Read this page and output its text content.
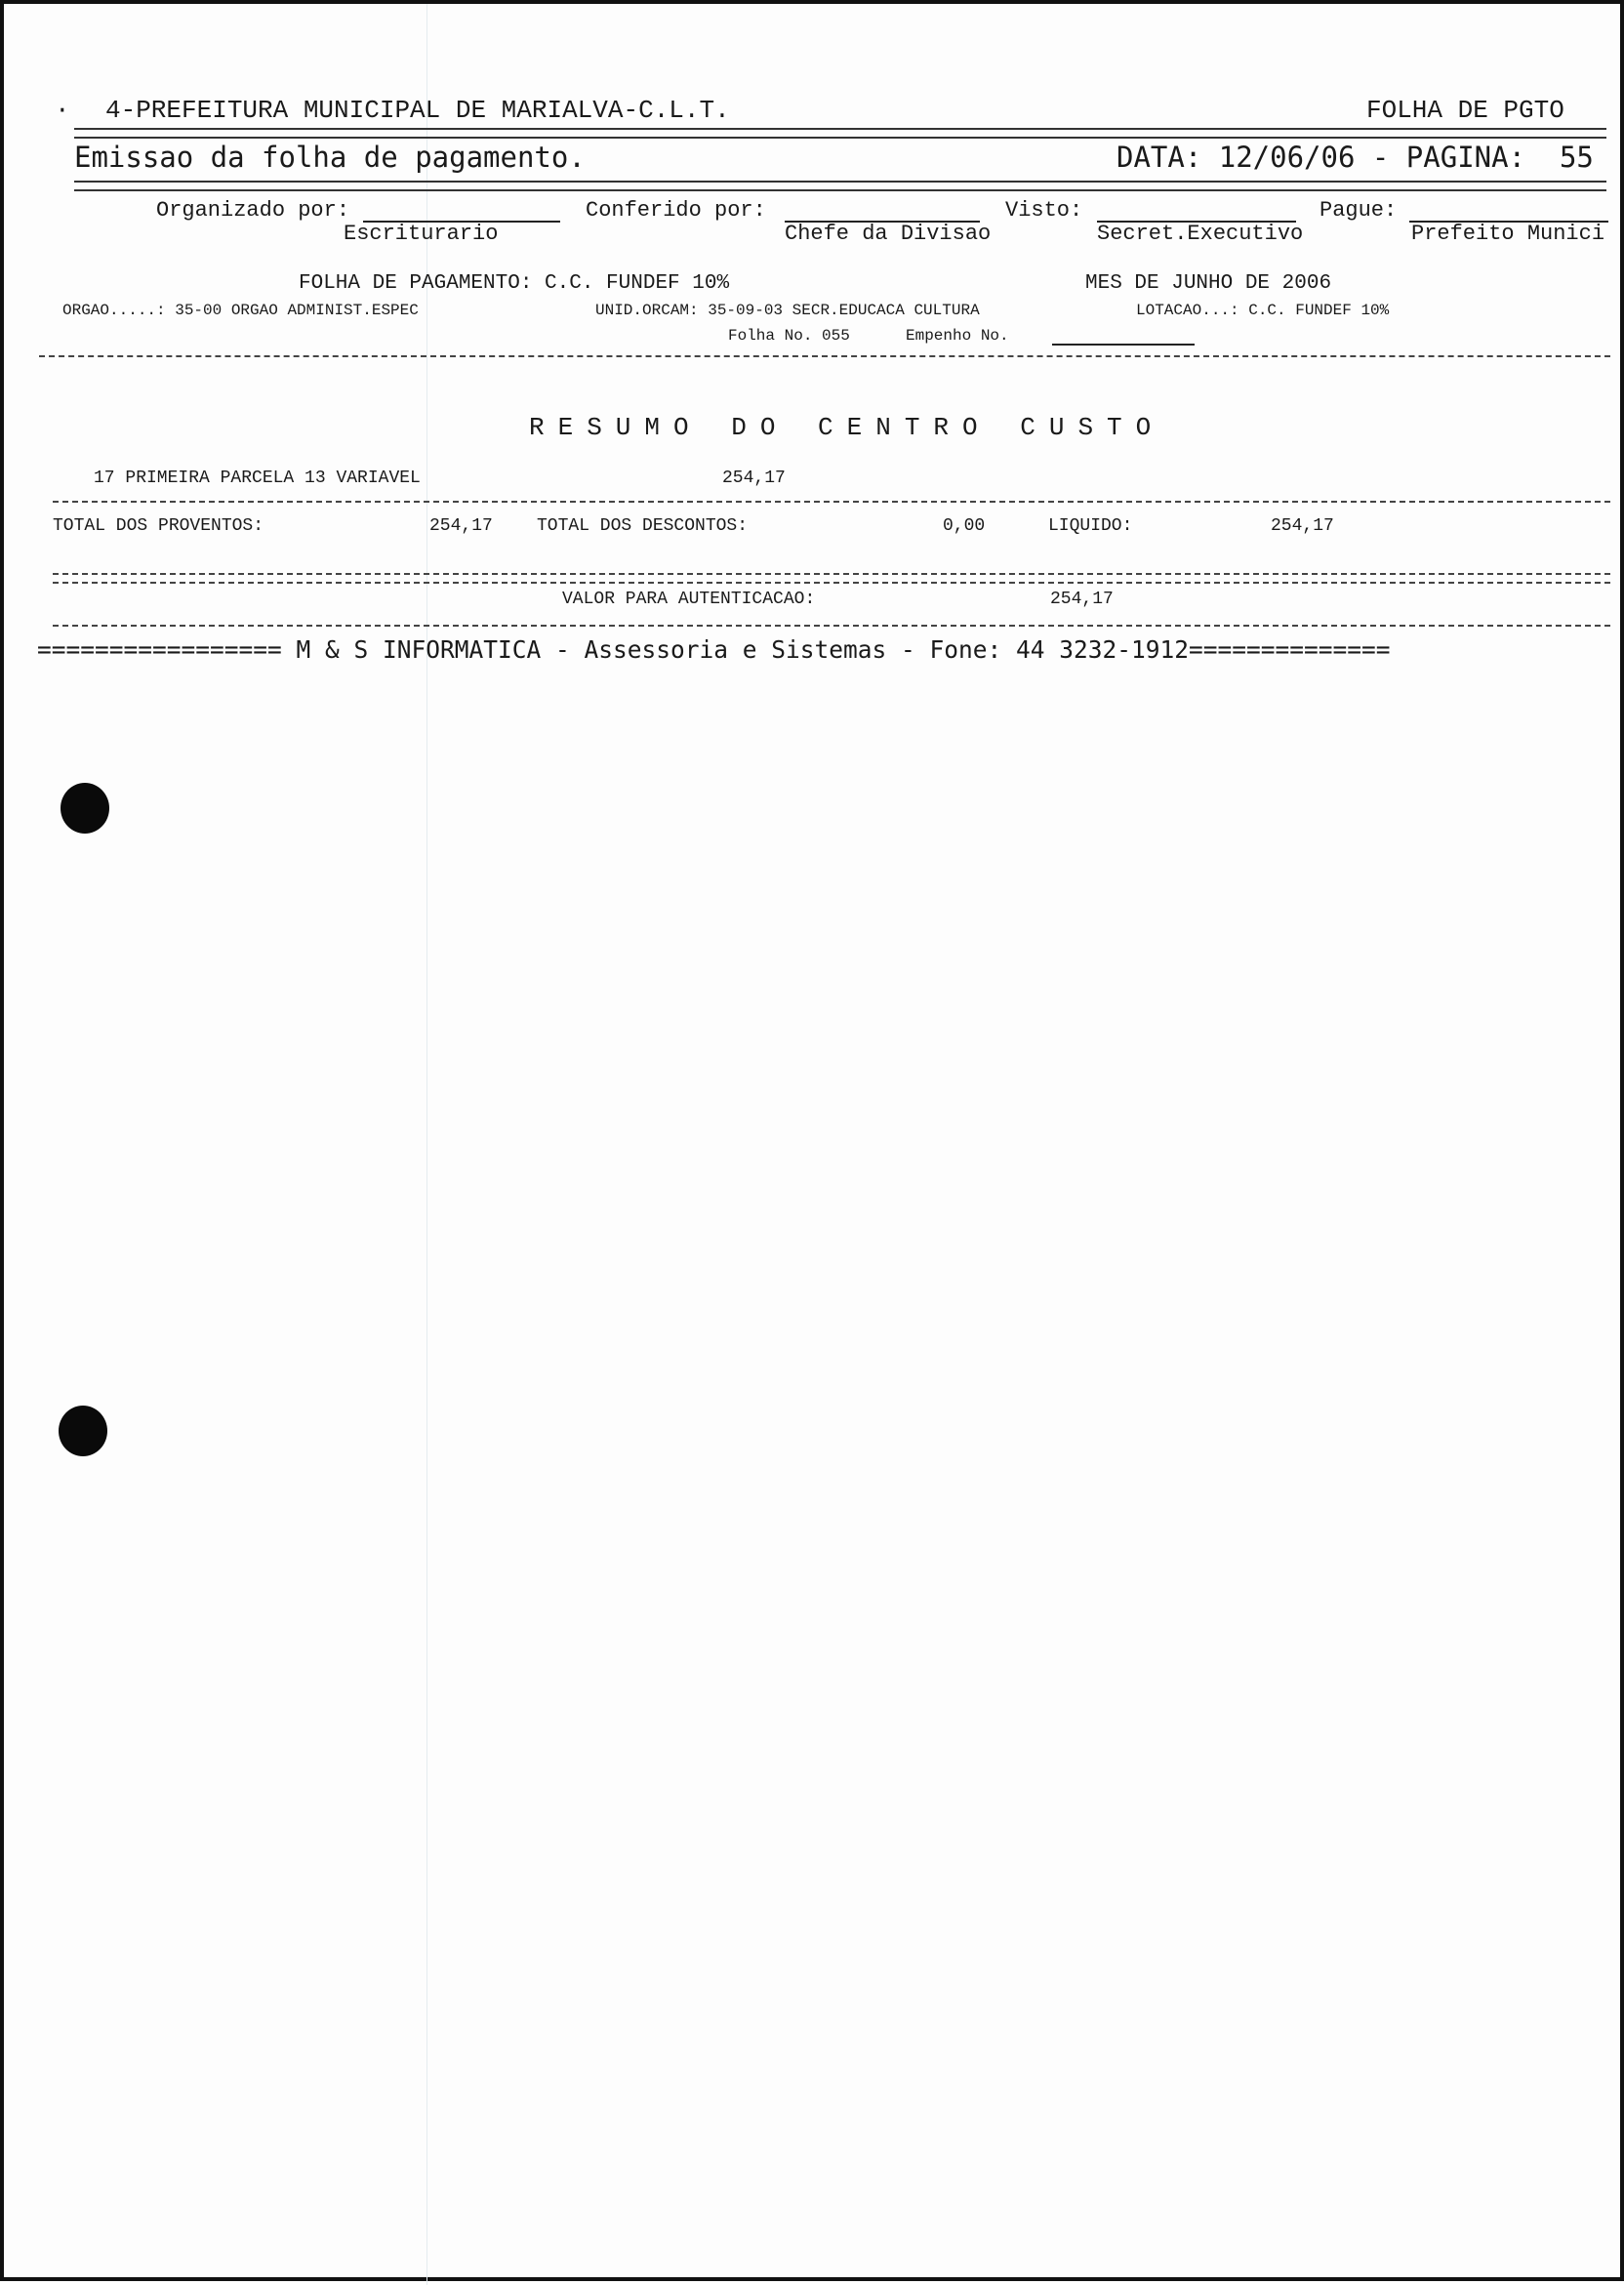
· 4-PREFEITURA MUNICIPAL DE MARIALVA-C.L.T.	FOLHA DE PGTO
Emissao da folha de pagamento.	DATA: 12/06/06 - PAGINA:  55
Organizado por:
Escriturario
Conferido por:
Chefe da Divisao
Visto:
Secret.Executivo
Pague:
Prefeito Munici
FOLHA DE PAGAMENTO: C.C. FUNDEF 10%	MES DE JUNHO DE 2006
ORGAO.....: 35-00 ORGAO ADMINIST.ESPEC	UNID.ORCAM: 35-09-03 SECR.EDUCACA CULTURA	LOTACAO...: C.C. FUNDEF 10%
Folha No. 055	Empenho No.
RESUMO DO CENTRO CUSTO
17 PRIMEIRA PARCELA 13 VARIAVEL	254,17
TOTAL DOS PROVENTOS:	254,17	TOTAL DOS DESCONTOS:	0,00	LIQUIDO:	254,17
VALOR PARA AUTENTICACAO:	254,17
================= M & S INFORMATICA - Assessoria e Sistemas - Fone: 44 3232-1912==============
